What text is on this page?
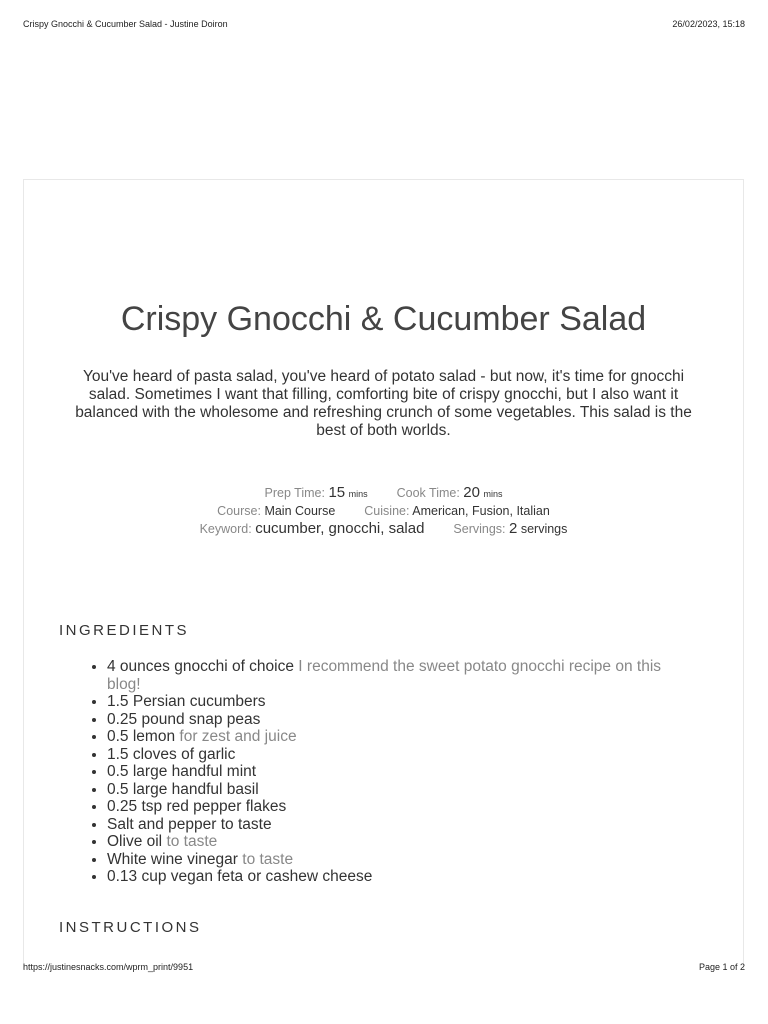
Crispy Gnocchi & Cucumber Salad - Justine Doiron	26/02/2023, 15:18
Crispy Gnocchi & Cucumber Salad

You've heard of pasta salad, you've heard of potato salad - but now, it's time for gnocchi salad. Sometimes I want that filling, comforting bite of crispy gnocchi, but I also want it balanced with the wholesome and refreshing crunch of some vegetables. This salad is the best of both worlds.

Prep Time: 15 mins Cook Time: 20 mins
Course: Main Course Cuisine: American, Fusion, Italian
Keyword: cucumber, gnocchi, salad Servings: 2 servings
INGREDIENTS
• 4 ounces gnocchi of choice I recommend the sweet potato gnocchi recipe on this blog!
• 1.5 Persian cucumbers
• 0.25 pound snap peas
• 0.5 lemon for zest and juice
• 1.5 cloves of garlic
• 0.5 large handful mint
• 0.5 large handful basil
• 0.25 tsp red pepper flakes
• Salt and pepper to taste
• Olive oil to taste
• White wine vinegar to taste
• 0.13 cup vegan feta or cashew cheese
INSTRUCTIONS
https://justinesnacks.com/wprm_print/9951	Page 1 of 2
